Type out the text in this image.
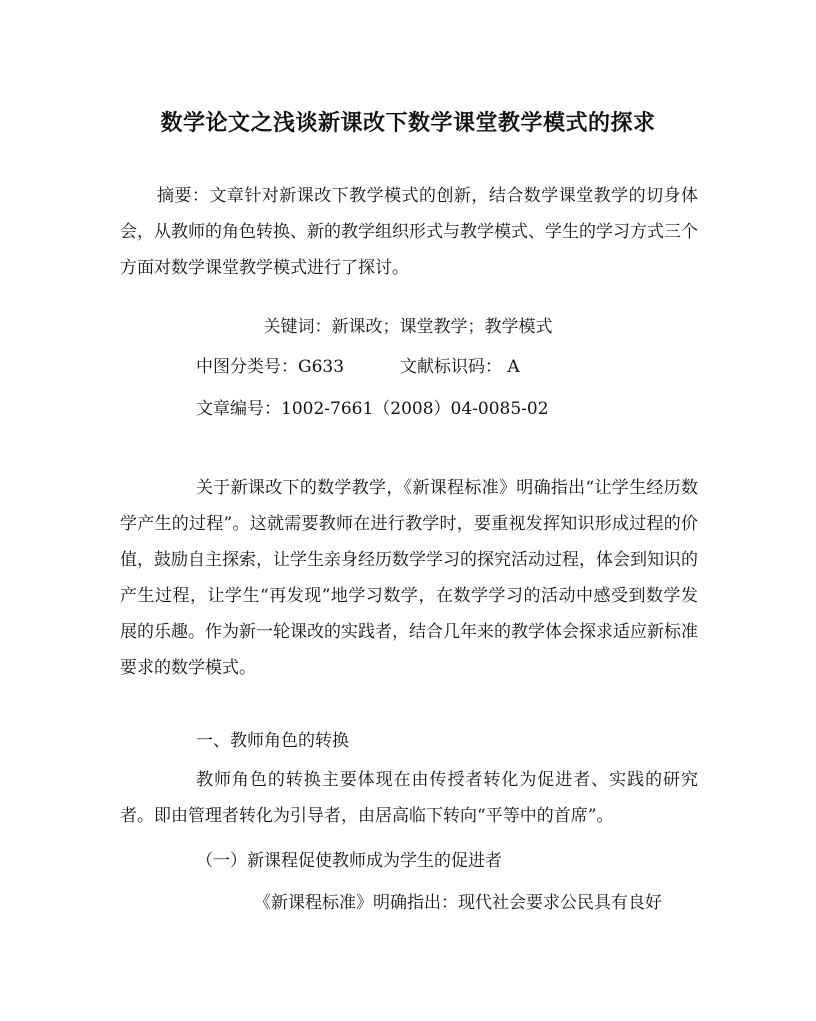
数学论文之浅谈新课改下数学课堂教学模式的探求
摘要：文章针对新课改下教学模式的创新，结合数学课堂教学的切身体会，从教师的角色转换、新的教学组织形式与教学模式、学生的学习方式三个方面对数学课堂教学模式进行了探讨。
关键词：新课改；课堂教学；教学模式
中图分类号：G633	文献标识码： A
文章编号：1002-7661（2008）04-0085-02
关于新课改下的数学教学，《新课程标准》明确指出“让学生经历数学产生的过程”。这就需要教师在进行教学时，要重视发挥知识形成过程的价值，鼓励自主探索，让学生亲身经历数学学习的探究活动过程，体会到知识的产生过程，让学生“再发现”地学习数学，在数学学习的活动中感受到数学发展的乐趣。作为新一轮课改的实践者，结合几年来的教学体会探求适应新标准要求的数学模式。
一、教师角色的转换
教师角色的转换主要体现在由传授者转化为促进者、实践的研究者。即由管理者转化为引导者，由居高临下转向“平等中的首席”。
（一）新课程促使教师成为学生的促进者
《新课程标准》明确指出：现代社会要求公民具有良好
